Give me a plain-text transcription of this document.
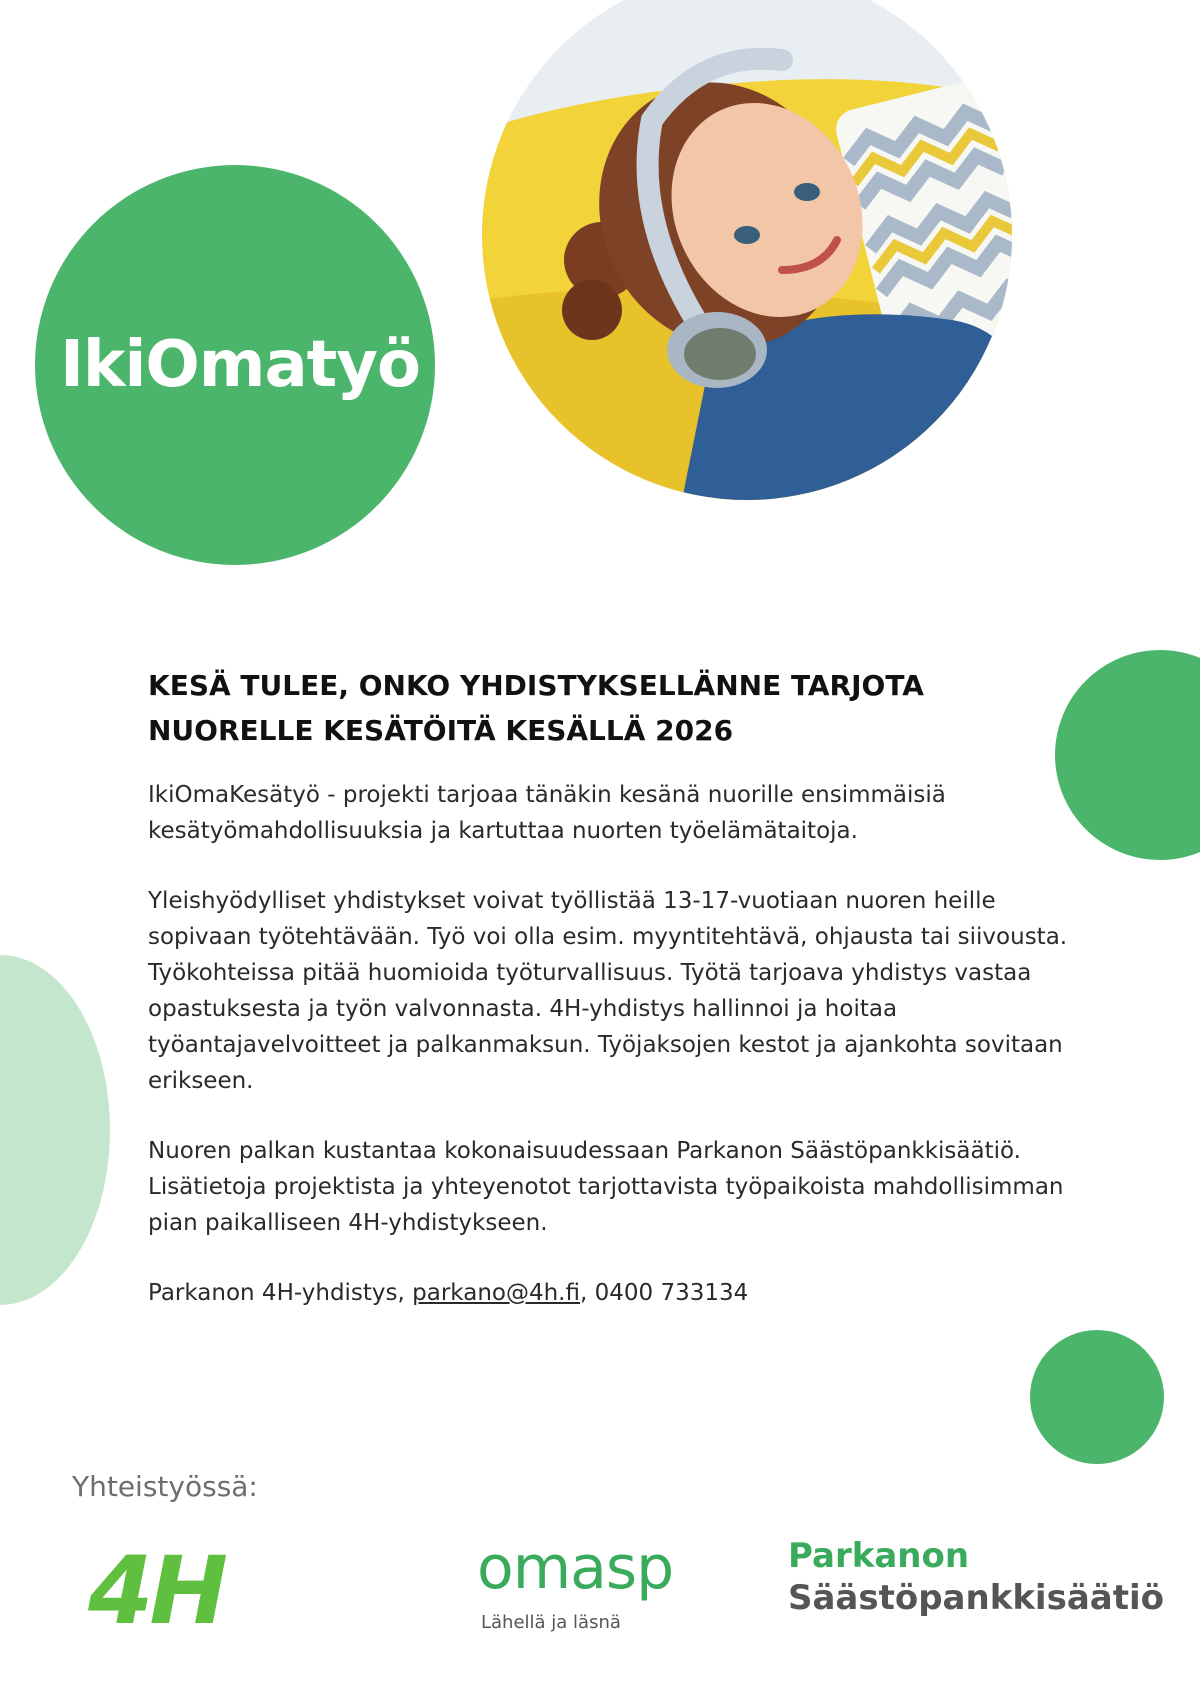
IkiOmatyö
KESÄ TULEE, ONKO YHDISTYKSELLÄNNE TARJOTA
NUORELLE KESÄTÖITÄ KESÄLLÄ 2026

IkiOmaKesätyö - projekti tarjoaa tänäkin kesänä nuorille ensimmäisiä kesätyömahdollisuuksia ja kartuttaa nuorten työelämätaitoja.

Yleishyödylliset yhdistykset voivat työllistää 13-17-vuotiaan nuoren heille sopivaan työtehtävään. Työ voi olla esim. myyntitehtävä, ohjausta tai siivousta. Työkohteissa pitää huomioida työturvallisuus. Työtä tarjoava yhdistys vastaa opastuksesta ja työn valvonnasta. 4H-yhdistys hallinnoi ja hoitaa työantajavelvoitteet ja palkanmaksun. Työjaksojen kestot ja ajankohta sovitaan erikseen.

Nuoren palkan kustantaa kokonaisuudessaan Parkanon Säästöpankkisäätiö. Lisätietoja projektista ja yhteyenotot tarjottavista työpaikoista mahdollisimman pian paikalliseen 4H-yhdistykseen.

Parkanon 4H-yhdistys, parkano@4h.fi, 0400 733134

Yhteistyössä:
4H	omasp
Lähellä ja läsnä
Parkanon
Säästöpankkisäätiö
